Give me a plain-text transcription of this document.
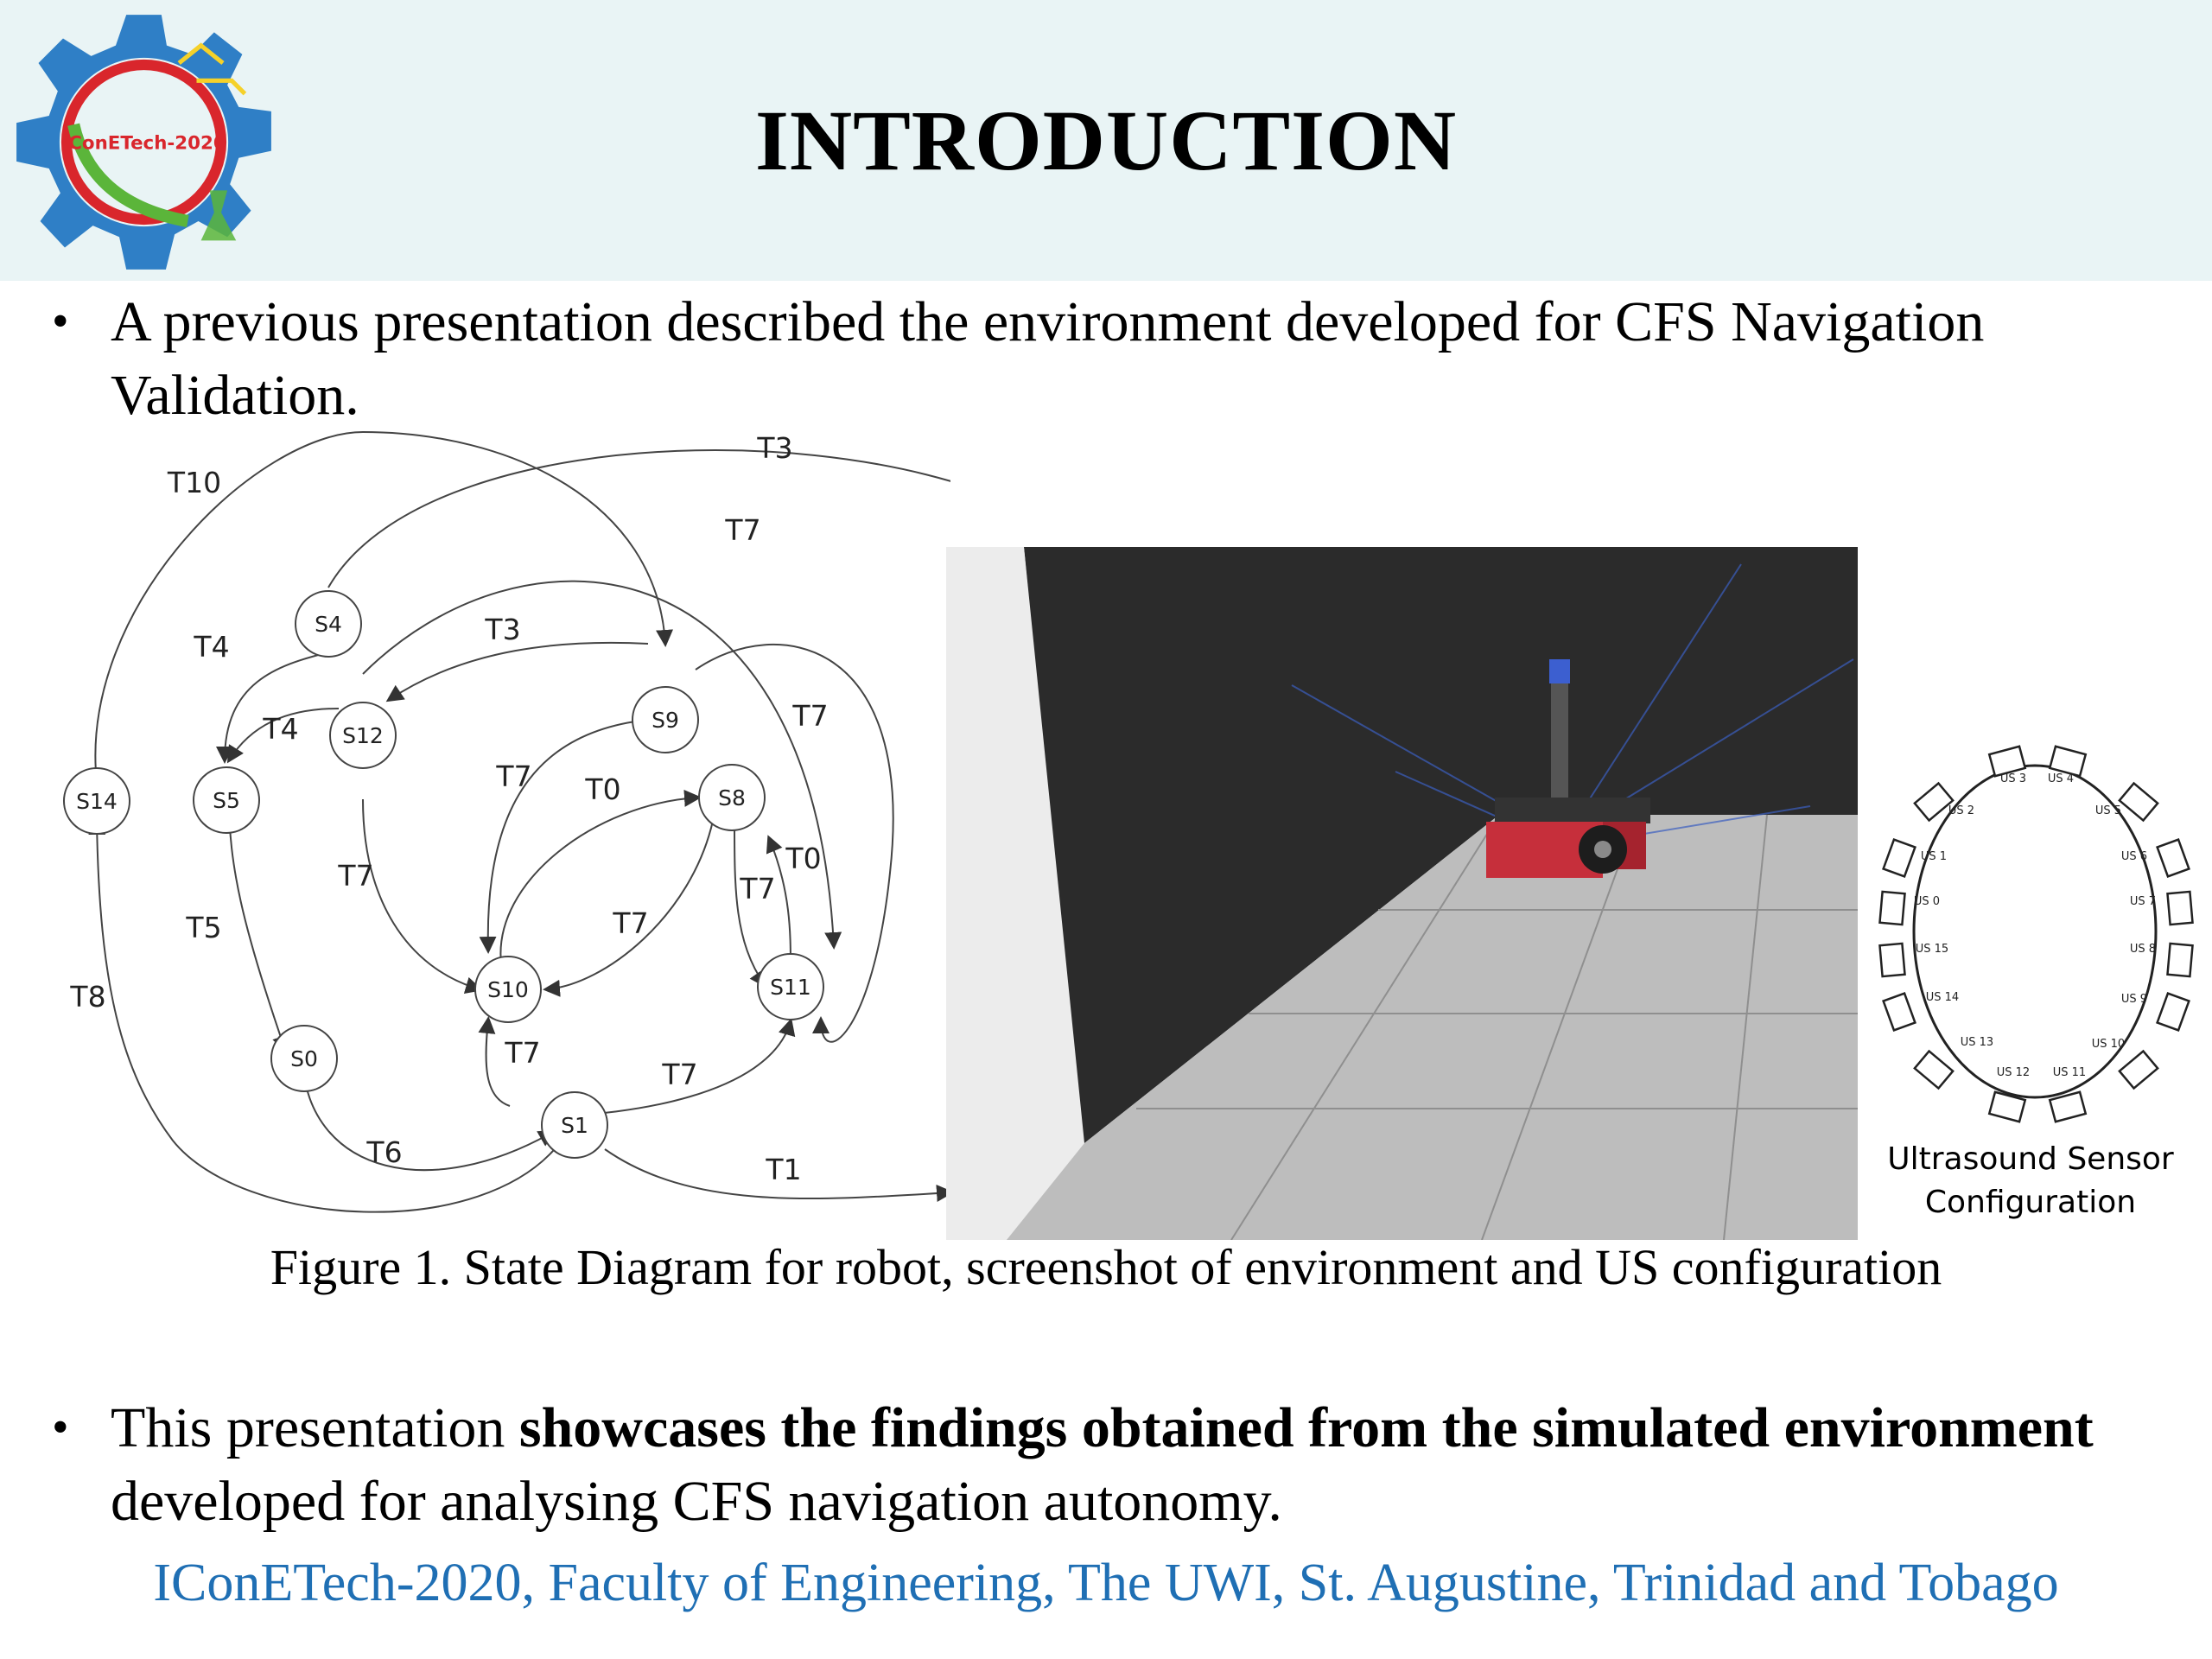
IConETech-2020	INTRODUCTION
• A previous presentation described the environment developed for CFS Navigation Validation.
S14
S4
S5
S12
S9
S8
S10	S11
S0
S1
T10
T3
T7
T4
T3
T4	T7
T7 T0
T0
T7	T7
T5	T7
T8
T7
T7
T6
T1
US 0
US 1
US 2
US 3 US 4
US 5
US 6
US 7
US 8
US 9
US 10
US 11
US 12
US 13
US 14
US 15
Ultrasound Sensor
Configuration
Figure 1. State Diagram for robot, screenshot of environment and US configuration
• This presentation showcases the findings obtained from the simulated environment developed for analysing CFS navigation autonomy.
IConETech-2020, Faculty of Engineering, The UWI, St. Augustine, Trinidad and Tobago
